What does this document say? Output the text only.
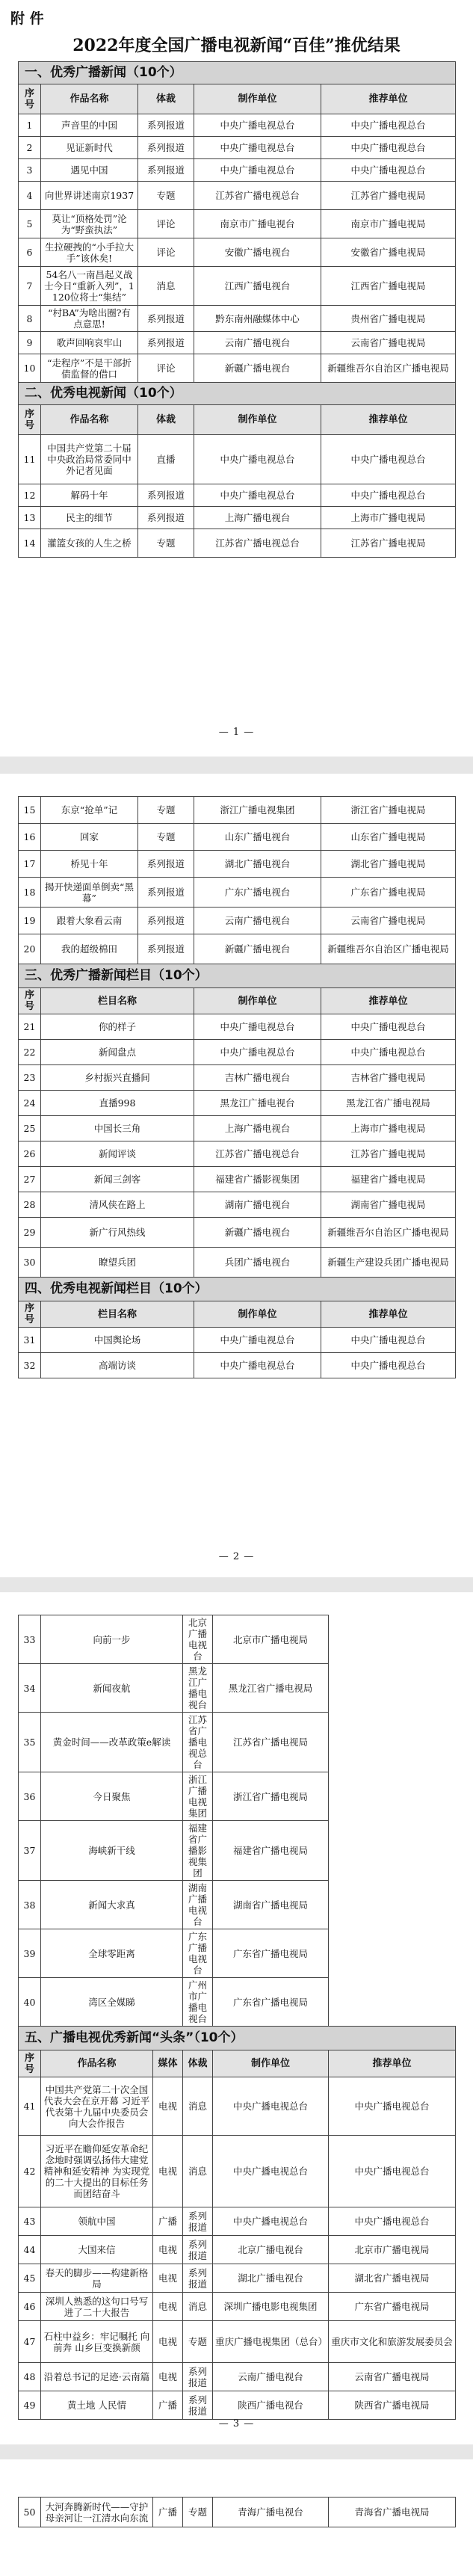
附 件
2022年度全国广播电视新闻“百佳”推优结果
一、优秀广播新闻（10个）				
序号	作品名称	体裁	制作单位	推荐单位
1	声音里的中国	系列报道	中央广播电视总台	中央广播电视总台
2	见证新时代	系列报道	中央广播电视总台	中央广播电视总台
3	遇见中国	系列报道	中央广播电视总台	中央广播电视总台
4	向世界讲述南京1937	专题	江苏省广播电视总台	江苏省广播电视局
5	莫让“顶格处罚”沦为“野蛮执法”	评论	南京市广播电视台	南京市广播电视局
6	生拉硬拽的“小手拉大手”该休矣!	评论	安徽广播电视台	安徽省广播电视局
7	54名八一南昌起义战士今日“重新入列”，1120位将士“集结”	消息	江西广播电视台	江西省广播电视局
8	“村BA”为啥出圈?有点意思!	系列报道	黔东南州融媒体中心	贵州省广播电视局
9	歌声回响哀牢山	系列报道	云南广播电视台	云南省广播电视局
10	“走程序”不是干部折债监督的借口	评论	新疆广播电视台	新疆维吾尔自治区广播电视局
二、优秀电视新闻（10个）				
序号	作品名称	体裁	制作单位	推荐单位
11	中国共产党第二十届中央政治局常委同中外记者见面	直播	中央广播电视总台	中央广播电视总台
12	解码十年	系列报道	中央广播电视总台	中央广播电视总台
13	民主的细节	系列报道	上海广播电视台	上海市广播电视局
14	灌篮女孩的人生之桥	专题	江苏省广播电视总台	江苏省广播电视局
— 1 —
15	东京“抢单”记	专题	浙江广播电视集团	浙江省广播电视局
16	回家	专题	山东广播电视台	山东省广播电视局
17	桥见十年	系列报道	湖北广播电视台	湖北省广播电视局
18	揭开快递面单倒卖“黑幕”	系列报道	广东广播电视台	广东省广播电视局
19	跟着大象看云南	系列报道	云南广播电视台	云南省广播电视局
20	我的超级棉田	系列报道	新疆广播电视台	新疆维吾尔自治区广播电视局
三、优秀广播新闻栏目（10个）				
序号	栏目名称		制作单位	推荐单位
21	你的样子		中央广播电视总台	中央广播电视总台
22	新闻盘点		中央广播电视总台	中央广播电视总台
23	乡村振兴直播间		吉林广播电视台	吉林省广播电视局
24	直播998		黑龙江广播电视台	黑龙江省广播电视局
25	中国长三角		上海广播电视台	上海市广播电视局
26	新闻评谈		江苏省广播电视总台	江苏省广播电视局
27	新闻三剑客		福建省广播影视集团	福建省广播电视局
28	清风侠在路上		湖南广播电视台	湖南省广播电视局
29	新广行风热线		新疆广播电视台	新疆维吾尔自治区广播电视局
30	瞭望兵团		兵团广播电视台	新疆生产建设兵团广播电视局
四、优秀电视新闻栏目（10个）				
序号	栏目名称		制作单位	推荐单位
31	中国舆论场		中央广播电视总台	中央广播电视总台
32	高端访谈		中央广播电视总台	中央广播电视总台
— 2 —
33	向前一步		北京广播电视台	北京市广播电视局	
34	新闻夜航		黑龙江广播电视台	黑龙江省广播电视局	
35	黄金时间——改革政策e解读		江苏省广播电视总台	江苏省广播电视局	
36	今日聚焦		浙江广播电视集团	浙江省广播电视局	
37	海峡新干线		福建省广播影视集团	福建省广播电视局	
38	新闻大求真		湖南广播电视台	湖南省广播电视局	
39	全球零距离		广东广播电视台	广东省广播电视局	
40	湾区全媒睇		广州市广播电视台	广东省广播电视局	
五、广播电视优秀新闻“头条”（10个）					
序号	作品名称	媒体	体裁	制作单位	推荐单位
41	中国共产党第二十次全国代表大会在京开幕 习近平代表第十九届中央委员会向大会作报告	电视	消息	中央广播电视总台	中央广播电视总台
42	习近平在瞻仰延安革命纪念地时强调弘扬伟大建党精神和延安精神 为实现党的二十大提出的目标任务而团结奋斗	电视	消息	中央广播电视总台	中央广播电视总台
43	领航中国	广播	系列报道	中央广播电视总台	中央广播电视总台
44	大国来信	电视	系列报道	北京广播电视台	北京市广播电视局
45	春天的脚步——构建新格局	电视	系列报道	湖北广播电视台	湖北省广播电视局
46	深圳人熟悉的这句口号写进了二十大报告	电视	消息	深圳广播电影电视集团	广东省广播电视局
47	石柱中益乡：牢记嘱托 向前奔 山乡巨变换新颜	电视	专题	重庆广播电视集团（总台）	重庆市文化和旅游发展委员会
48	沿着总书记的足迹·云南篇	电视	系列报道	云南广播电视台	云南省广播电视局
49	黄土地 人民情	广播	系列报道	陕西广播电视台	陕西省广播电视局
— 3 —
50	大河奔腾新时代——守护母亲河让一江清水向东流	广播	专题	青海广播电视台	青海省广播电视局
